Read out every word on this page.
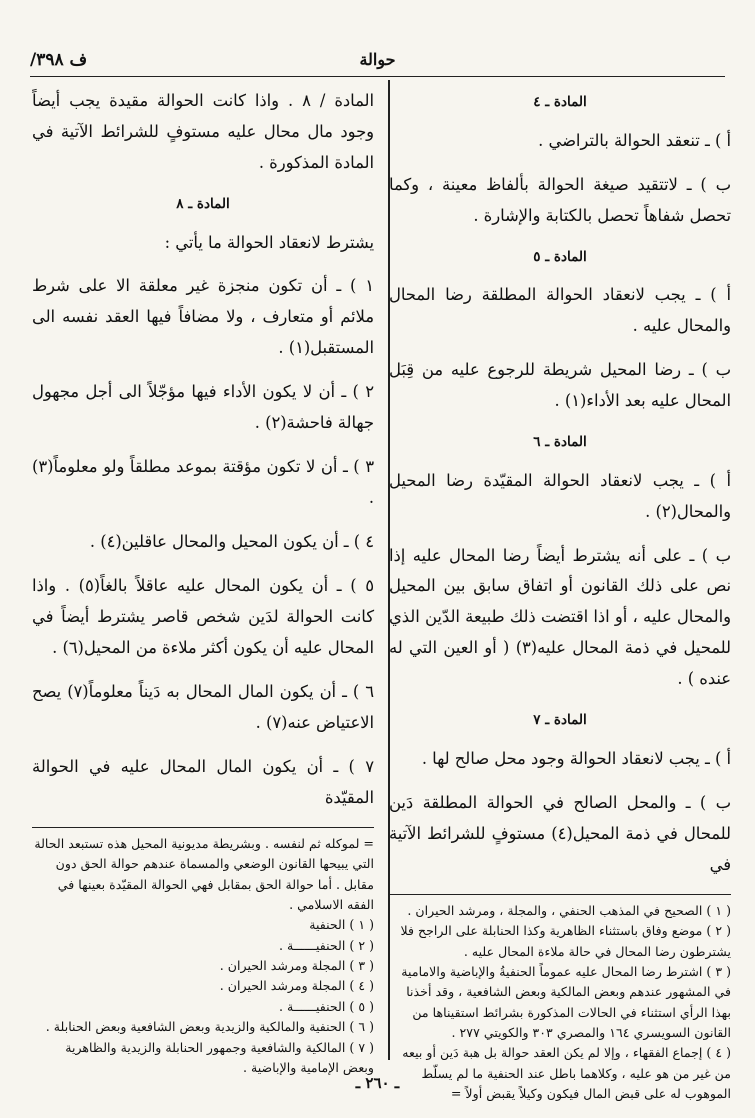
ف ٣٩٨/	حوالة
المادة ـ ٤

أ ) ـ تنعقد الحوالة بالتراضي .

ب ) ـ لاتتقيد صيغة الحوالة بألفاظ معينة ، وكما تحصل شفاهاً تحصل بالكتابة والإشارة .

المادة ـ ٥

أ ) ـ يجب لانعقاد الحوالة المطلقة رضا المحال والمحال عليه .

ب ) ـ رضا المحيل شريطة للرجوع عليه من قِبَل المحال عليه بعد الأداء(١) .

المادة ـ ٦

أ ) ـ يجب لانعقاد الحوالة المقيّدة رضا المحيل والمحال(٢) .

ب ) ـ على أنه يشترط أيضاً رضا المحال عليه إذا نص على ذلك القانون أو اتفاق سابق بين المحيل والمحال عليه ، أو اذا اقتضت ذلك طبيعة الدّين الذي للمحيل في ذمة المحال عليه(٣) ( أو العين التي له عنده ) .

المادة ـ ٧

أ ) ـ يجب لانعقاد الحوالة وجود محل صالح لها .

ب ) ـ والمحل الصالح في الحوالة المطلقة دَين للمحال في ذمة المحيل(٤) مستوفٍ للشرائط الآتية في

( ١ ) الصحيح في المذهب الحنفي ، والمجلة ، ومرشد الحيران .

( ٢ ) موضع وفاق باستثناء الظاهرية وكذا الحنابلة على الراجح فلا يشترطون رضا المحال في حالة ملاءة المحال عليه .

( ٣ ) اشترط رضا المحال عليه عموماً الحنفيةُ والإباضية والامامية في المشهور عندهم وبعض المالكية وبعض الشافعية ، وقد أخذنا بهذا الرأي استثناء في الحالات المذكورة بشرائط استقيناها من القانون السويسري ١٦٤ والمصري ٣٠٣ والكويتي ٢٧٧ .

( ٤ ) إجماع الفقهاء ، وإلا لم يكن العقد حوالة بل هبة دَين أو بيعه من غير من هو عليه ، وكلاهما باطل عند الحنفية ما لم يسلّط الموهوب له على قبض المال فيكون وكيلاً يقبض أولاً =

المادة / ٨ . واذا كانت الحوالة مقيدة يجب أيضاً وجود مال محال عليه مستوفٍ للشرائط الآتية في المادة المذكورة .

المادة ـ ٨

يشترط لانعقاد الحوالة ما يأتي :

١ ) ـ أن تكون منجزة غير معلقة الا على شرط ملائم أو متعارف ، ولا مضافاً فيها العقد نفسه الى المستقبل(١) .

٢ ) ـ أن لا يكون الأداء فيها مؤجّلاً الى أجل مجهول جهالة فاحشة(٢) .

٣ ) ـ أن لا تكون مؤقتة بموعد مطلقاً ولو معلوماً(٣) .

٤ ) ـ أن يكون المحيل والمحال عاقلين(٤) .

٥ ) ـ أن يكون المحال عليه عاقلاً بالغاً(٥) . واذا كانت الحوالة لدَين شخص قاصر يشترط أيضاً في المحال عليه أن يكون أكثر ملاءة من المحيل(٦) .

٦ ) ـ أن يكون المال المحال به دَيناً معلوماً(٧) يصح الاعتياض عنه(٧) .

٧ ) ـ أن يكون المال المحال عليه في الحوالة المقيّدة

= لموكله ثم لنفسه . وبشريطة مديونية المحيل هذه تستبعد الحالة التي يبيحها القانون الوضعي والمسماة عندهم حوالة الحق دون مقابل . أما حوالة الحق بمقابل فهي الحوالة المقيّدة بعينها في الفقه الاسلامي .

( ١ ) الحنفية

( ٢ ) الحنفيــــــة .

( ٣ ) المجلة ومرشد الحيران .

( ٤ ) المجلة ومرشد الحيران .

( ٥ ) الحنفيــــــة .

( ٦ ) الحنفية والمالكية والزيدية وبعض الشافعية وبعض الحنابلة .

( ٧ ) المالكية والشافعية وجمهور الحنابلة والزيدية والظاهرية وبعض الإمامية والإباضية .

ـ ٢٦٠ ـ
